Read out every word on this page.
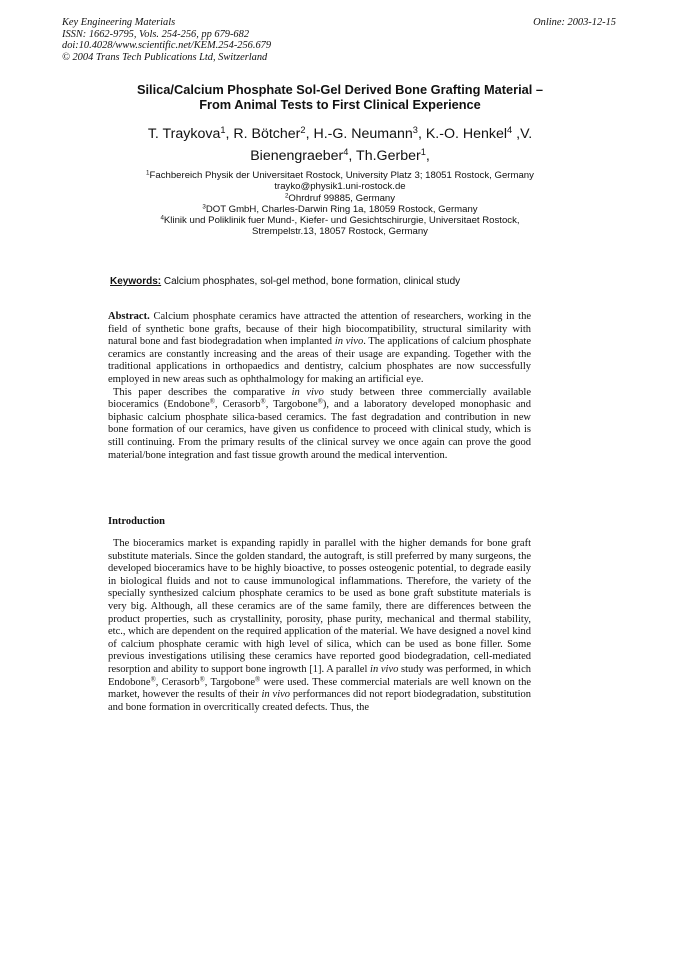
Key Engineering Materials
ISSN: 1662-9795, Vols. 254-256, pp 679-682
doi:10.4028/www.scientific.net/KEM.254-256.679
© 2004 Trans Tech Publications Ltd, Switzerland
Online: 2003-12-15
Silica/Calcium Phosphate Sol-Gel Derived Bone Grafting Material –
From Animal Tests to First Clinical Experience
T. Traykova$^1$, R. Bötcher$^2$, H.-G. Neumann$^3$, K.-O. Henkel$^4$ ,V.
Bienengraeber$^4$, Th.Gerber$^1$,
$^1$Fachbereich Physik der Universitaet Rostock, University Platz 3; 18051 Rostock, Germany
trayko@physik1.uni-rostock.de
$^2$Ohrdruf 99885, Germany
$^3$DOT GmbH, Charles-Darwin Ring 1a, 18059 Rostock, Germany
$^4$Klinik und Poliklinik fuer Mund-, Kiefer- und Gesichtschirurgie, Universitaet Rostock,
Strempelstr.13, 18057 Rostock, Germany
Keywords: Calcium phosphates, sol-gel method, bone formation, clinical study

Abstract. Calcium phosphate ceramics have attracted the attention of researchers, working in the field of synthetic bone grafts, because of their high biocompatibility, structural similarity with natural bone and fast biodegradation when implanted in vivo. The applications of calcium phosphate ceramics are constantly increasing and the areas of their usage are expanding. Together with the traditional applications in orthopaedics and dentistry, calcium phosphates are now successfully employed in new areas such as ophthalmology for making an artificial eye.

This paper describes the comparative in vivo study between three commercially available bioceramics (Endobone®, Cerasorb®, Targobone®), and a laboratory developed monophasic and biphasic calcium phosphate silica-based ceramics. The fast degradation and contribution in new bone formation of our ceramics, have given us confidence to proceed with clinical study, which is still continuing. From the primary results of the clinical survey we once again can prove the good material/bone integration and fast tissue growth around the medical intervention.

Introduction

The bioceramics market is expanding rapidly in parallel with the higher demands for bone graft substitute materials. Since the golden standard, the autograft, is still preferred by many surgeons, the developed bioceramics have to be highly bioactive, to posses osteogenic potential, to degrade easily in biological fluids and not to cause immunological inflammations. Therefore, the variety of the specially synthesized calcium phosphate ceramics to be used as bone graft substitute materials is very big. Although, all these ceramics are of the same family, there are differences between the product properties, such as crystallinity, porosity, phase purity, mechanical and thermal stability, etc., which are dependent on the required application of the material. We have designed a novel kind of calcium phosphate ceramic with high level of silica, which can be used as bone filler. Some previous investigations utilising these ceramics have reported good biodegradation, cell-mediated resorption and ability to support bone ingrowth [1]. A parallel in vivo study was performed, in which Endobone®, Cerasorb®, Targobone® were used. These commercial materials are well known on the market, however the results of their in vivo performances did not report biodegradation, substitution and bone formation in overcritically created defects. Thus, the
